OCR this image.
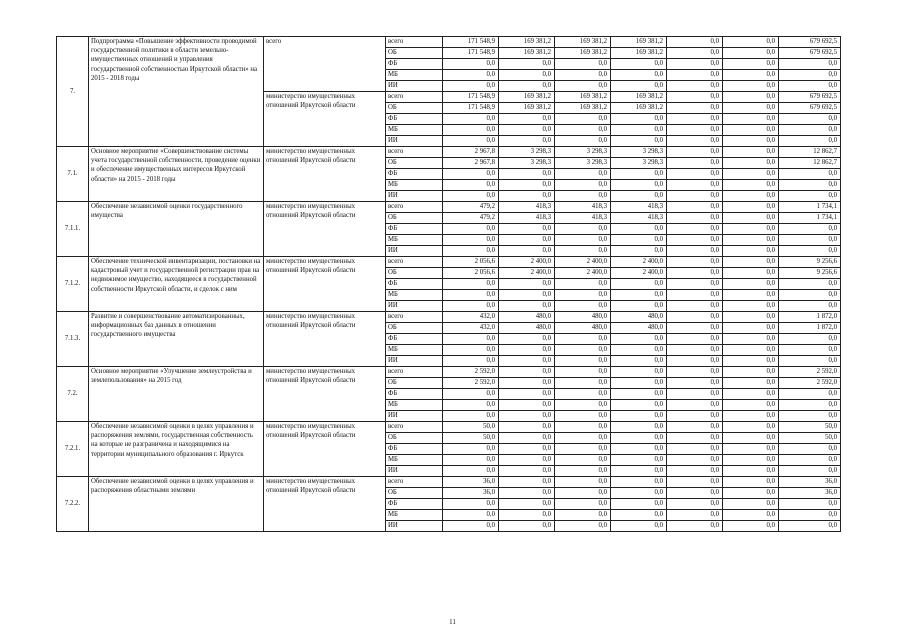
7.	Подпрограмма «Повышение эффективности проводимой государственной политики в области земельно-имущественных отношений и управления государственной собственностью Иркутской области» на 2015 - 2018 годы	всего	всего	171 548,9	169 381,2	169 381,2	169 381,2	0,0	0,0	679 692,5
			ОБ	171 548,9	169 381,2	169 381,2	169 381,2	0,0	0,0	679 692,5
			ФБ	0,0	0,0	0,0	0,0	0,0	0,0	0,0
			МБ	0,0	0,0	0,0	0,0	0,0	0,0	0,0
			ИИ	0,0	0,0	0,0	0,0	0,0	0,0	0,0
		министерство имущественных отношений Иркутской области	всего	171 548,9	169 381,2	169 381,2	169 381,2	0,0	0,0	679 692,5
			ОБ	171 548,9	169 381,2	169 381,2	169 381,2	0,0	0,0	679 692,5
			ФБ	0,0	0,0	0,0	0,0	0,0	0,0	0,0
			МБ	0,0	0,0	0,0	0,0	0,0	0,0	0,0
			ИИ	0,0	0,0	0,0	0,0	0,0	0,0	0,0
7.1.	Основное мероприятие «Совершенствование системы учета государственной собственности, проведение оценки и обеспечение имущественных интересов Иркутской области» на 2015 - 2018 годы	министерство имущественных отношений Иркутской области	всего	2 967,8	3 298,3	3 298,3	3 298,3	0,0	0,0	12 862,7
			ОБ	2 967,8	3 298,3	3 298,3	3 298,3	0,0	0,0	12 862,7
			ФБ	0,0	0,0	0,0	0,0	0,0	0,0	0,0
			МБ	0,0	0,0	0,0	0,0	0,0	0,0	0,0
			ИИ	0,0	0,0	0,0	0,0	0,0	0,0	0,0
7.1.1.	Обеспечение независимой оценки государственного имущества	министерство имущественных отношений Иркутской области	всего	479,2	418,3	418,3	418,3	0,0	0,0	1 734,1
			ОБ	479,2	418,3	418,3	418,3	0,0	0,0	1 734,1
			ФБ	0,0	0,0	0,0	0,0	0,0	0,0	0,0
			МБ	0,0	0,0	0,0	0,0	0,0	0,0	0,0
			ИИ	0,0	0,0	0,0	0,0	0,0	0,0	0,0
7.1.2.	Обеспечение технической инвентаризации, постановки на кадастровый учет и государственной регистрации прав на недвижимое имущество, находящееся в государственной собственности Иркутской области, и сделок с ним	министерство имущественных отношений Иркутской области	всего	2 056,6	2 400,0	2 400,0	2 400,0	0,0	0,0	9 256,6
			ОБ	2 056,6	2 400,0	2 400,0	2 400,0	0,0	0,0	9 256,6
			ФБ	0,0	0,0	0,0	0,0	0,0	0,0	0,0
			МБ	0,0	0,0	0,0	0,0	0,0	0,0	0,0
			ИИ	0,0	0,0	0,0	0,0	0,0	0,0	0,0
7.1.3.	Развитие и совершенствование автоматизированных, информационных баз данных в отношении государственного имущества	министерство имущественных отношений Иркутской области	всего	432,0	480,0	480,0	480,0	0,0	0,0	1 872,0
			ОБ	432,0	480,0	480,0	480,0	0,0	0,0	1 872,0
			ФБ	0,0	0,0	0,0	0,0	0,0	0,0	0,0
			МБ	0,0	0,0	0,0	0,0	0,0	0,0	0,0
			ИИ	0,0	0,0	0,0	0,0	0,0	0,0	0,0
7.2.	Основное мероприятие «Улучшение землеустройства и землепользования» на 2015 год	министерство имущественных отношений Иркутской области	всего	2 592,0	0,0	0,0	0,0	0,0	0,0	2 592,0
			ОБ	2 592,0	0,0	0,0	0,0	0,0	0,0	2 592,0
			ФБ	0,0	0,0	0,0	0,0	0,0	0,0	0,0
			МБ	0,0	0,0	0,0	0,0	0,0	0,0	0,0
			ИИ	0,0	0,0	0,0	0,0	0,0	0,0	0,0
7.2.1.	Обеспечение независимой оценки в целях управления и распоряжения землями, государственная собственность на которые не разграничена и находящимися на территории муниципального образования г. Иркутск	министерство имущественных отношений Иркутской области	всего	50,0	0,0	0,0	0,0	0,0	0,0	50,0
			ОБ	50,0	0,0	0,0	0,0	0,0	0,0	50,0
			ФБ	0,0	0,0	0,0	0,0	0,0	0,0	0,0
			МБ	0,0	0,0	0,0	0,0	0,0	0,0	0,0
			ИИ	0,0	0,0	0,0	0,0	0,0	0,0	0,0
7.2.2.	Обеспечение независимой оценки в целях управления и распоряжения областными землями	министерство имущественных отношений Иркутской области	всего	36,0	0,0	0,0	0,0	0,0	0,0	36,0
			ОБ	36,0	0,0	0,0	0,0	0,0	0,0	36,0
			ФБ	0,0	0,0	0,0	0,0	0,0	0,0	0,0
			МБ	0,0	0,0	0,0	0,0	0,0	0,0	0,0
			ИИ	0,0	0,0	0,0	0,0	0,0	0,0	0,0
11
